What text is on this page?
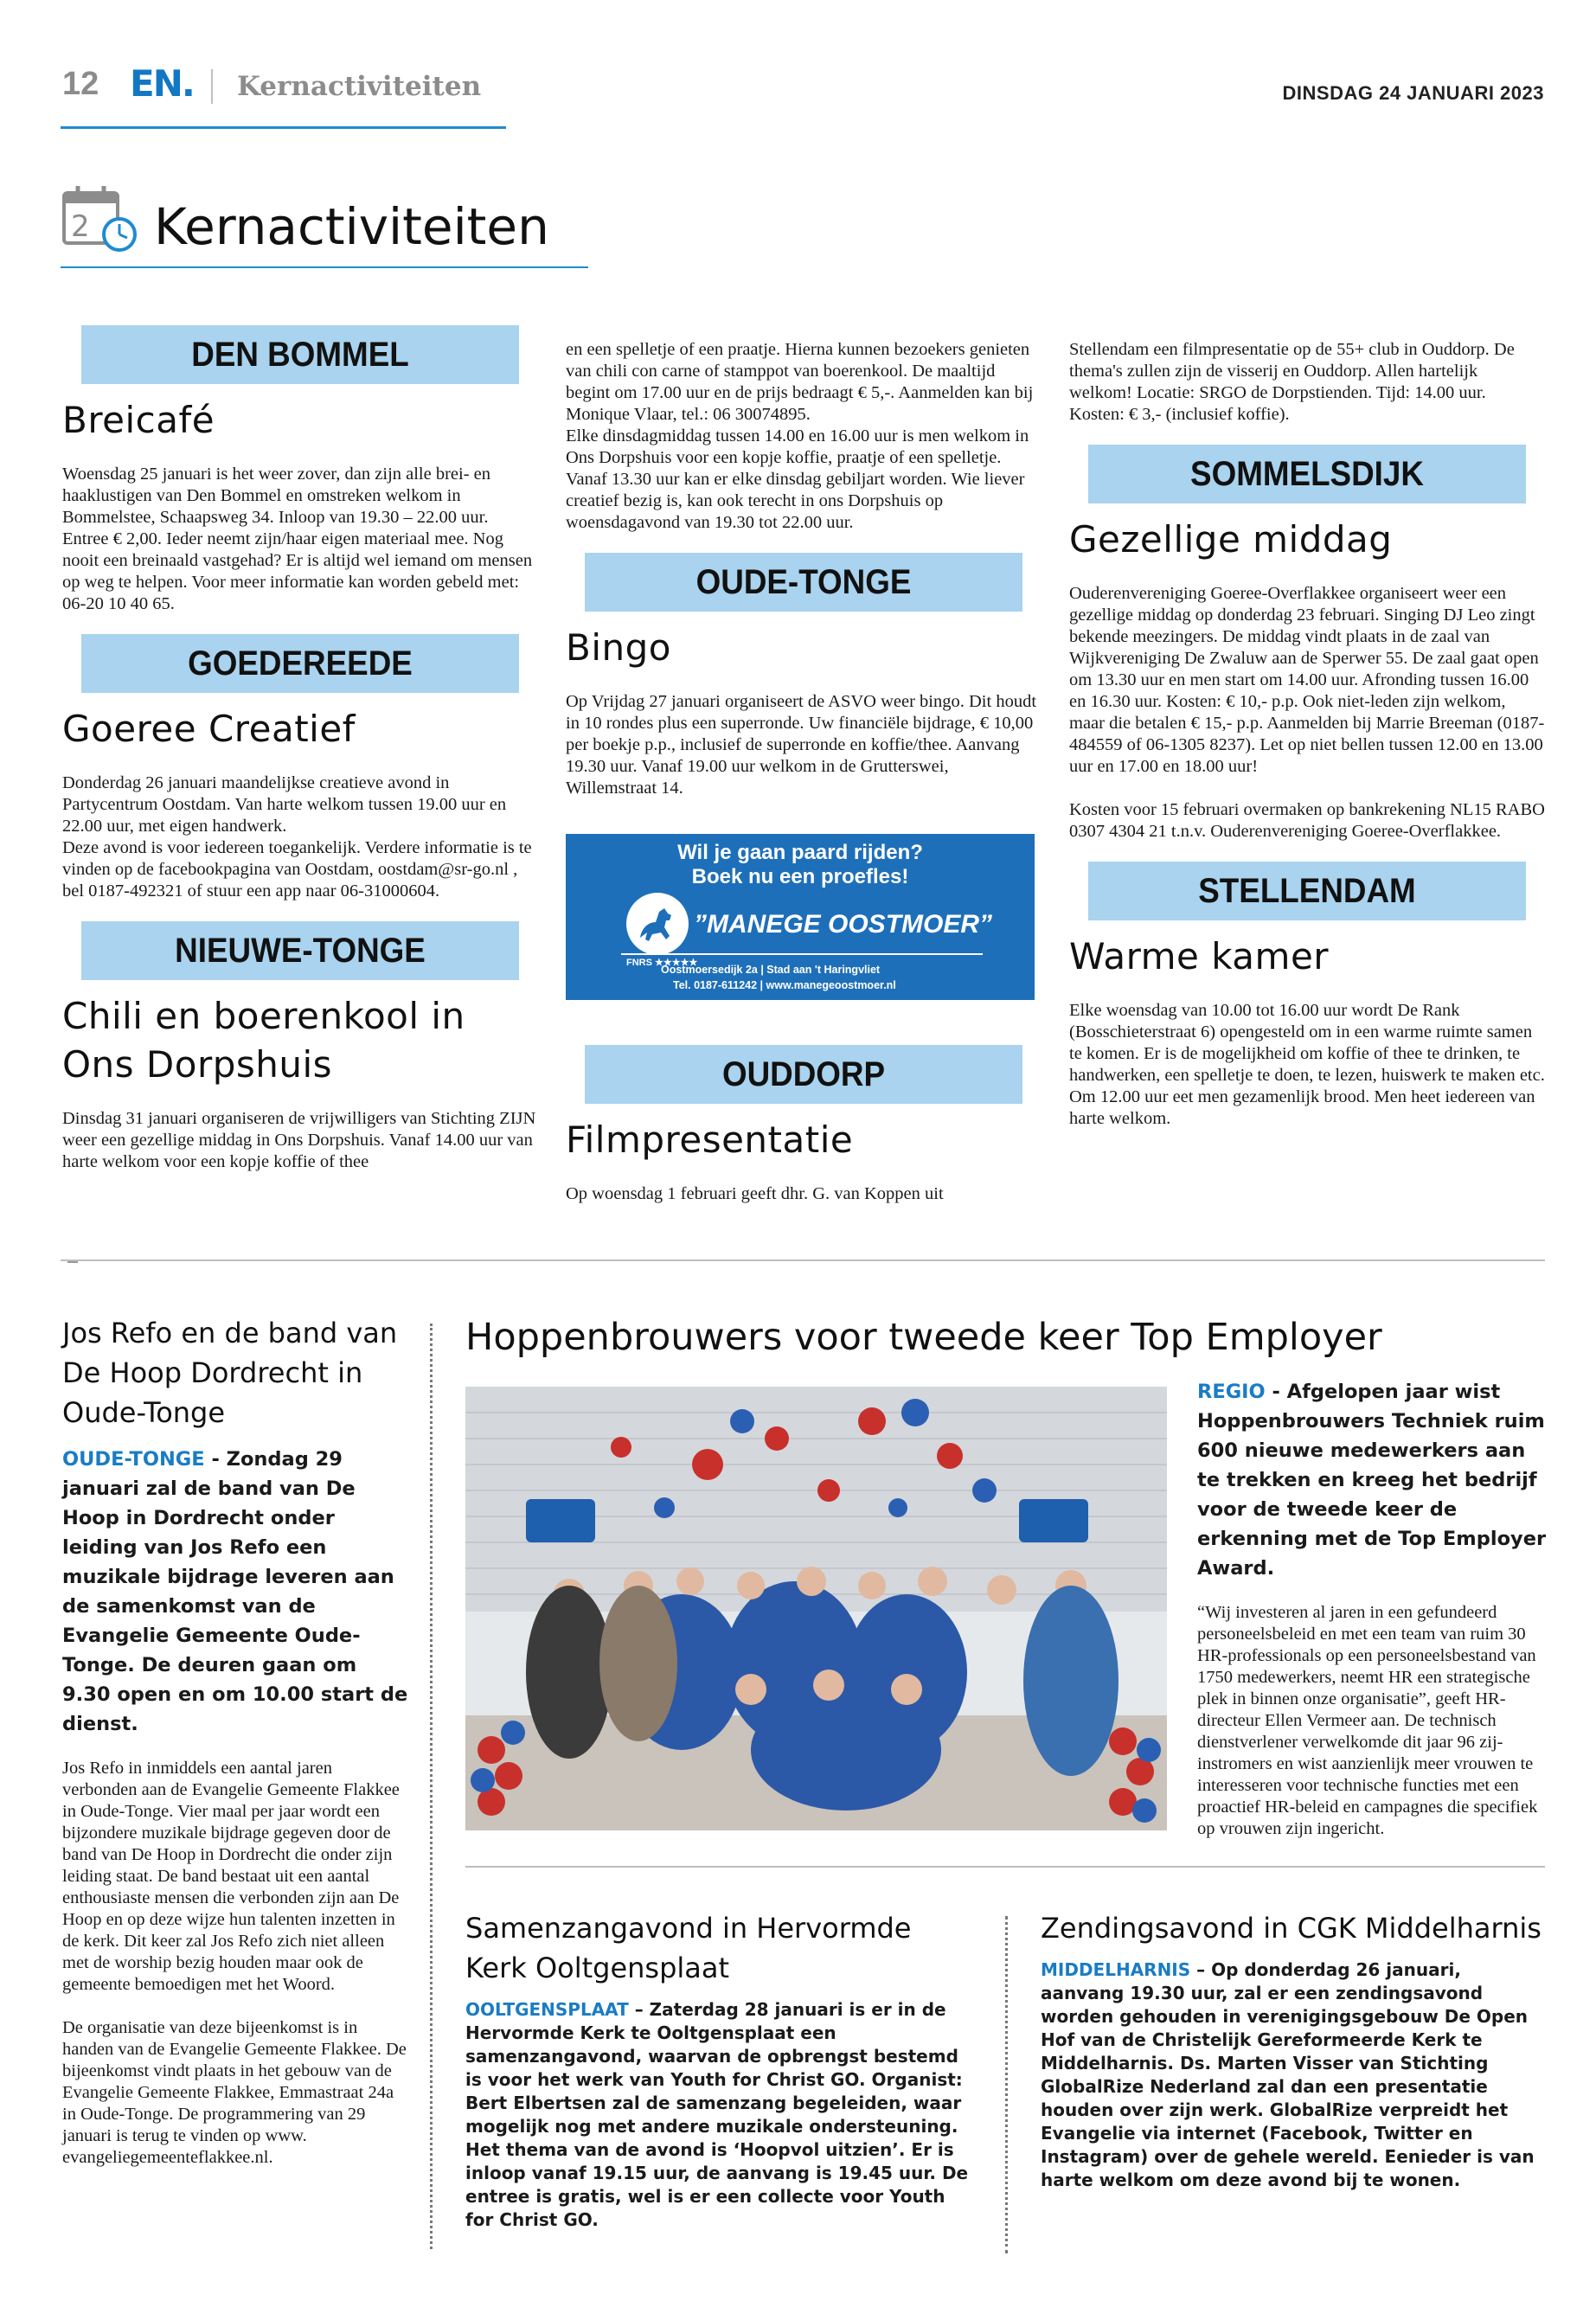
12 EN. Kernactiviteiten	DINSDAG 24 JANUARI 2023
2 Kernactiviteiten
DEN BOMMEL
Breicafé

Woensdag 25 januari is het weer zover, dan zijn alle brei- en haaklustigen van Den Bommel en omstreken welkom in Bommelstee, Schaapsweg 34. Inloop van 19.30 – 22.00 uur. Entree € 2,00. Ieder neemt zijn/haar eigen materiaal mee. Nog nooit een breinaald vastgehad? Er is altijd wel iemand om mensen op weg te helpen. Voor meer informatie kan worden gebeld met: 06-20 10 40 65.

GOEDEREEDE
Goeree Creatief

Donderdag 26 januari maandelijkse creatieve avond in Partycentrum Oostdam. Van harte welkom tussen 19.00 uur en 22.00 uur, met eigen handwerk.

Deze avond is voor iedereen toegankelijk. Verdere informatie is te vinden op de facebookpagina van Oostdam, oostdam@sr-go.nl , bel 0187-492321 of stuur een app naar 06-31000604.

NIEUWE-TONGE
Chili en boerenkool in Ons Dorpshuis

Dinsdag 31 januari organiseren de vrijwilligers van Stichting ZIJN weer een gezellige middag in Ons Dorpshuis. Vanaf 14.00 uur van harte welkom voor een kopje koffie of thee

en een spelletje of een praatje. Hierna kunnen bezoekers genieten van chili con carne of stamppot van boerenkool. De maaltijd begint om 17.00 uur en de prijs bedraagt € 5,-. Aanmelden kan bij Monique Vlaar, tel.: 06 30074895.

Elke dinsdagmiddag tussen 14.00 en 16.00 uur is men welkom in Ons Dorpshuis voor een kopje koffie, praatje of een spelletje. Vanaf 13.30 uur kan er elke dinsdag gebiljart worden. Wie liever creatief bezig is, kan ook terecht in ons Dorpshuis op woensdagavond van 19.30 tot 22.00 uur.

OUDE-TONGE
Bingo

Op Vrijdag 27 januari organiseert de ASVO weer bingo. Dit houdt in 10 rondes plus een superronde. Uw financiële bijdrage, € 10,00 per boekje p.p., inclusief de superronde en koffie/thee. Aanvang 19.30 uur. Vanaf 19.00 uur welkom in de Grutterswei, Willemstraat 14.

Wil je gaan paard rijden?
Boek nu een proefles!
”MANEGE OOSTMOER”
FNRS ★★★★★
Oostmoersedijk 2a | Stad aan 't Haringvliet
Tel. 0187-611242 | www.manegeoostmoer.nl
OUDDORP
Filmpresentatie

Op woensdag 1 februari geeft dhr. G. van Koppen uit

Stellendam een filmpresentatie op de 55+ club in Ouddorp. De thema's zullen zijn de visserij en Ouddorp. Allen hartelijk welkom! Locatie: SRGO de Dorpstienden. Tijd: 14.00 uur. Kosten: € 3,- (inclusief koffie).

SOMMELSDIJK
Gezellige middag

Ouderenvereniging Goeree-Overflakkee organiseert weer een gezellige middag op donderdag 23 februari. Singing DJ Leo zingt bekende meezingers. De middag vindt plaats in de zaal van Wijkvereniging De Zwaluw aan de Sperwer 55. De zaal gaat open om 13.30 uur en men start om 14.00 uur. Afronding tussen 16.00 en 16.30 uur. Kosten: € 10,- p.p. Ook niet-leden zijn welkom, maar die betalen € 15,- p.p. Aanmelden bij Marrie Breeman (0187-484559 of 06-1305 8237). Let op niet bellen tussen 12.00 en 13.00 uur en 17.00 en 18.00 uur!

Kosten voor 15 februari overmaken op bankrekening NL15 RABO 0307 4304 21 t.n.v. Ouderenvereniging Goeree-Overflakkee.

STELLENDAM
Warme kamer

Elke woensdag van 10.00 tot 16.00 uur wordt De Rank (Bosschieterstraat 6) opengesteld om in een warme ruimte samen te komen. Er is de mogelijkheid om koffie of thee te drinken, te handwerken, een spelletje te doen, te lezen, huiswerk te maken etc. Om 12.00 uur eet men gezamenlijk brood. Men heet iedereen van harte welkom.

Jos Refo en de band van De Hoop Dordrecht in Oude-Tonge

OUDE-TONGE - Zondag 29 januari zal de band van De Hoop in Dordrecht onder leiding van Jos Refo een muzikale bijdrage leveren aan de samenkomst van de Evangelie Gemeente Oude-Tonge. De deuren gaan om 9.30 open en om 10.00 start de dienst.

Jos Refo in inmiddels een aantal jaren verbonden aan de Evangelie Gemeente Flakkee in Oude-Tonge. Vier maal per jaar wordt een bijzondere muzikale bijdrage gegeven door de band van De Hoop in Dordrecht die onder zijn leiding staat. De band bestaat uit een aantal enthousiaste mensen die verbonden zijn aan De Hoop en op deze wijze hun talenten inzetten in de kerk. Dit keer zal Jos Refo zich niet alleen met de worship bezig houden maar ook de gemeente bemoedigen met het Woord.

De organisatie van deze bijeenkomst is in handen van de Evangelie Gemeente Flakkee. De bijeenkomst vindt plaats in het gebouw van de Evangelie Gemeente Flakkee, Emmastraat 24a in Oude-Tonge. De programmering van 29 januari is terug te vinden op www. evangeliegemeenteflakkee.nl.

Hoppenbrouwers voor tweede keer Top Employer

REGIO - Afgelopen jaar wist Hoppenbrouwers Techniek ruim 600 nieuwe medewerkers aan te trekken en kreeg het bedrijf voor de tweede keer de erkenning met de Top Employer Award.

“Wij investeren al jaren in een gefundeerd personeelsbeleid en met een team van ruim 30 HR-professionals op een personeelsbestand van 1750 medewerkers, neemt HR een strategische plek in binnen onze organisatie”, geeft HR-directeur Ellen Vermeer aan. De technisch dienstverlener verwelkomde dit jaar 96 zij-instromers en wist aanzienlijk meer vrouwen te interesseren voor technische functies met een proactief HR-beleid en campagnes die specifiek op vrouwen zijn ingericht.

Samenzangavond in Hervormde Kerk Ooltgensplaat

OOLTGENSPLAAT – Zaterdag 28 januari is er in de Hervormde Kerk te Ooltgensplaat een samenzangavond, waarvan de opbrengst bestemd is voor het werk van Youth for Christ GO. Organist: Bert Elbertsen zal de samenzang begeleiden, waar mogelijk nog met andere muzikale ondersteuning. Het thema van de avond is ‘Hoopvol uitzien’. Er is inloop vanaf 19.15 uur, de aanvang is 19.45 uur. De entree is gratis, wel is er een collecte voor Youth for Christ GO.

Zendingsavond in CGK Middelharnis

MIDDELHARNIS – Op donderdag 26 januari, aanvang 19.30 uur, zal er een zendingsavond worden gehouden in verenigingsgebouw De Open Hof van de Christelijk Gereformeerde Kerk te Middelharnis. Ds. Marten Visser van Stichting GlobalRize Nederland zal dan een presentatie houden over zijn werk. GlobalRize verpreidt het Evangelie via internet (Facebook, Twitter en Instagram) over de gehele wereld. Eenieder is van harte welkom om deze avond bij te wonen.
